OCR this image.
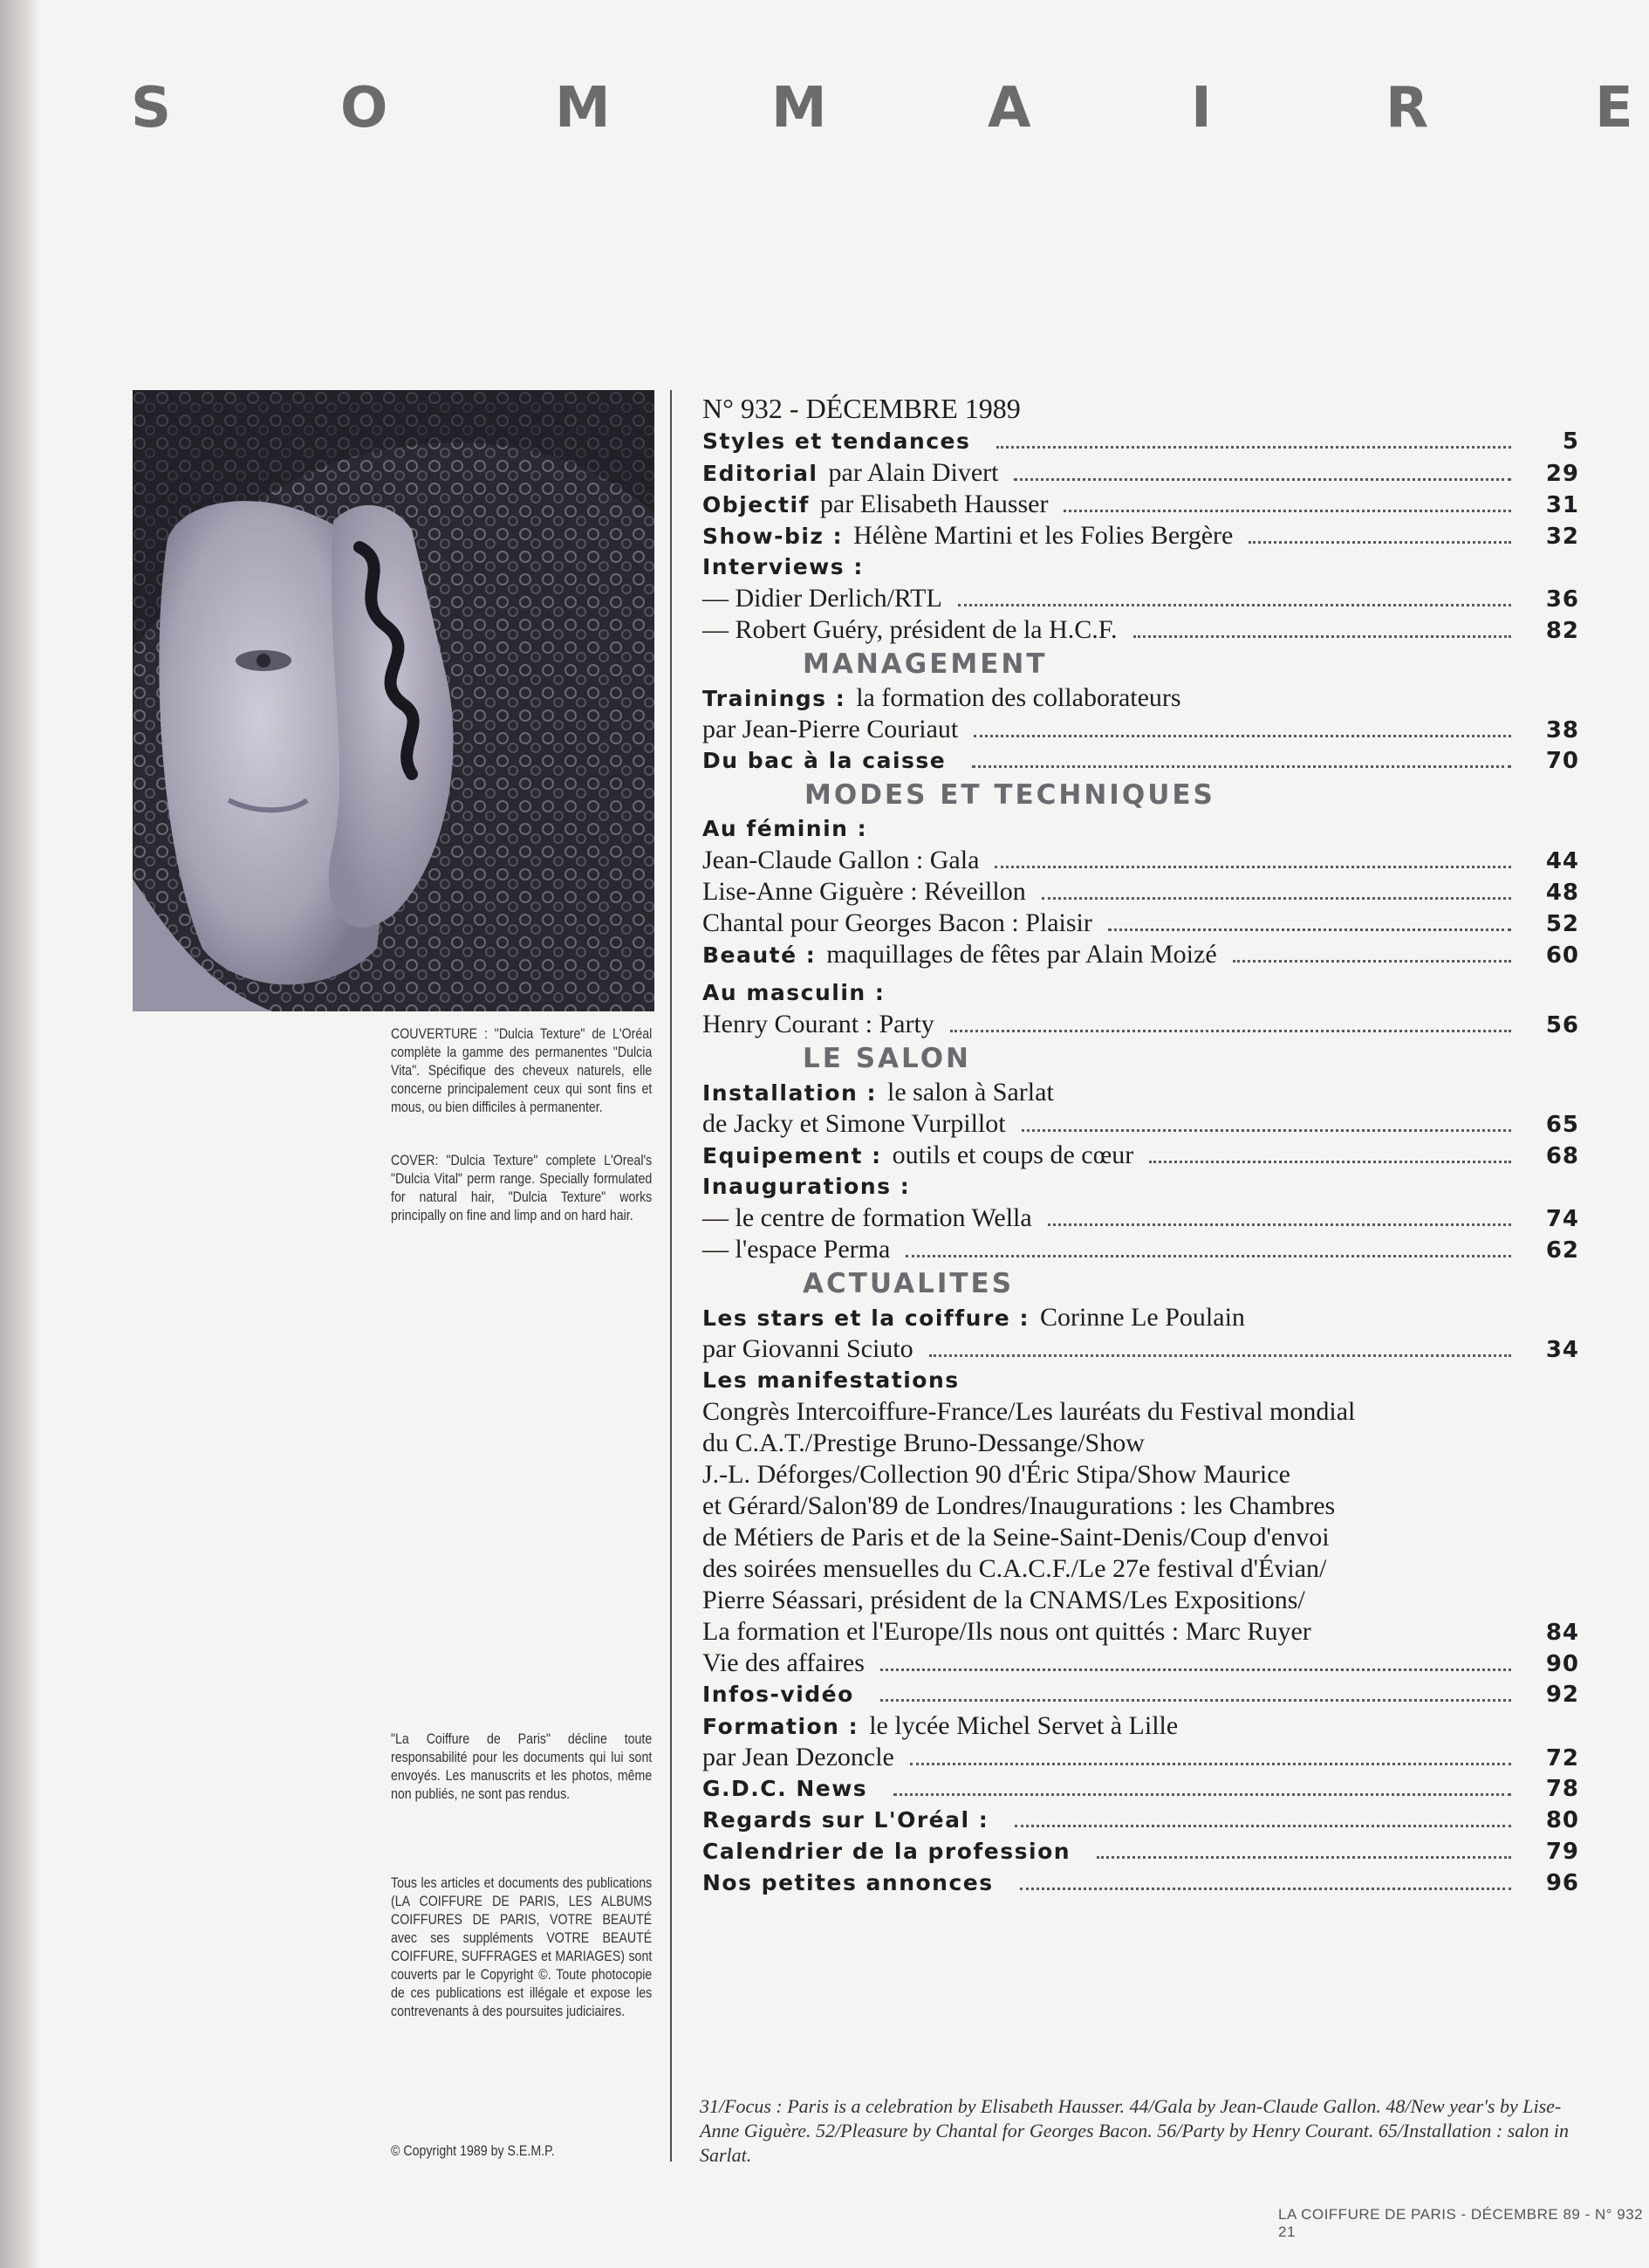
S	O	M	M	A	I	R	E

COUVERTURE : "Dulcia Texture" de L'Oréal complète la gamme des permanentes "Dulcia Vita". Spécifique des cheveux naturels, elle concerne principalement ceux qui sont fins et mous, ou bien difficiles à permanenter.

COVER: "Dulcia Texture" complete L'Oreal's "Dulcia Vital" perm range. Specially formulated for natural hair, "Dulcia Texture" works principally on fine and limp and on hard hair.

"La Coiffure de Paris" décline toute responsabilité pour les documents qui lui sont envoyés. Les manuscrits et les photos, même non publiés, ne sont pas rendus.

Tous les articles et documents des publications (LA COIFFURE DE PARIS, LES ALBUMS COIFFURES DE PARIS, VOTRE BEAUTÉ avec ses suppléments VOTRE BEAUTÉ COIFFURE, SUFFRAGES et MARIAGES) sont couverts par le Copyright ©. Toute photocopie de ces publications est illégale et expose les contrevenants à des poursuites judiciaires.

© Copyright 1989 by S.E.M.P.

N° 932 - DÉCEMBRE 1989
Styles et tendances	5
Editorial par Alain Divert	29
Objectif par Elisabeth Hausser	31
Show-biz : Hélène Martini et les Folies Bergère	32
Interviews :
— Didier Derlich/RTL	36
— Robert Guéry, président de la H.C.F.	82
MANAGEMENT
Trainings : la formation des collaborateurs
par Jean-Pierre Couriaut	38
Du bac à la caisse	70
MODES ET TECHNIQUES
Au féminin :
Jean-Claude Gallon : Gala	44
Lise-Anne Giguère : Réveillon	48
Chantal pour Georges Bacon : Plaisir	52
Beauté : maquillages de fêtes par Alain Moizé	60
Au masculin :
Henry Courant : Party	56
LE SALON
Installation : le salon à Sarlat
de Jacky et Simone Vurpillot	65
Equipement : outils et coups de cœur	68
Inaugurations :
— le centre de formation Wella	74
— l'espace Perma	62
ACTUALITES
Les stars et la coiffure : Corinne Le Poulain
par Giovanni Sciuto	34
Les manifestations
Congrès Intercoiffure-France/Les lauréats du Festival mondial
du C.A.T./Prestige Bruno-Dessange/Show
J.-L. Déforges/Collection 90 d'Éric Stipa/Show Maurice
et Gérard/Salon'89 de Londres/Inaugurations : les Chambres
de Métiers de Paris et de la Seine-Saint-Denis/Coup d'envoi
des soirées mensuelles du C.A.C.F./Le 27e festival d'Évian/
Pierre Séassari, président de la CNAMS/Les Expositions/
La formation et l'Europe/Ils nous ont quittés : Marc Ruyer	84
Vie des affaires	90
Infos-vidéo	92
Formation : le lycée Michel Servet à Lille
par Jean Dezoncle	72
G.D.C. News	78
Regards sur L'Oréal :	80
Calendrier de la profession	79
Nos petites annonces	96
31/Focus : Paris is a celebration by Elisabeth Hausser. 44/Gala by Jean-Claude Gallon. 48/New year's by Lise-Anne Giguère. 52/Pleasure by Chantal for Georges Bacon. 56/Party by Henry Courant. 65/Installation : salon in Sarlat.
LA COIFFURE DE PARIS - DÉCEMBRE 89 - N° 932 21
